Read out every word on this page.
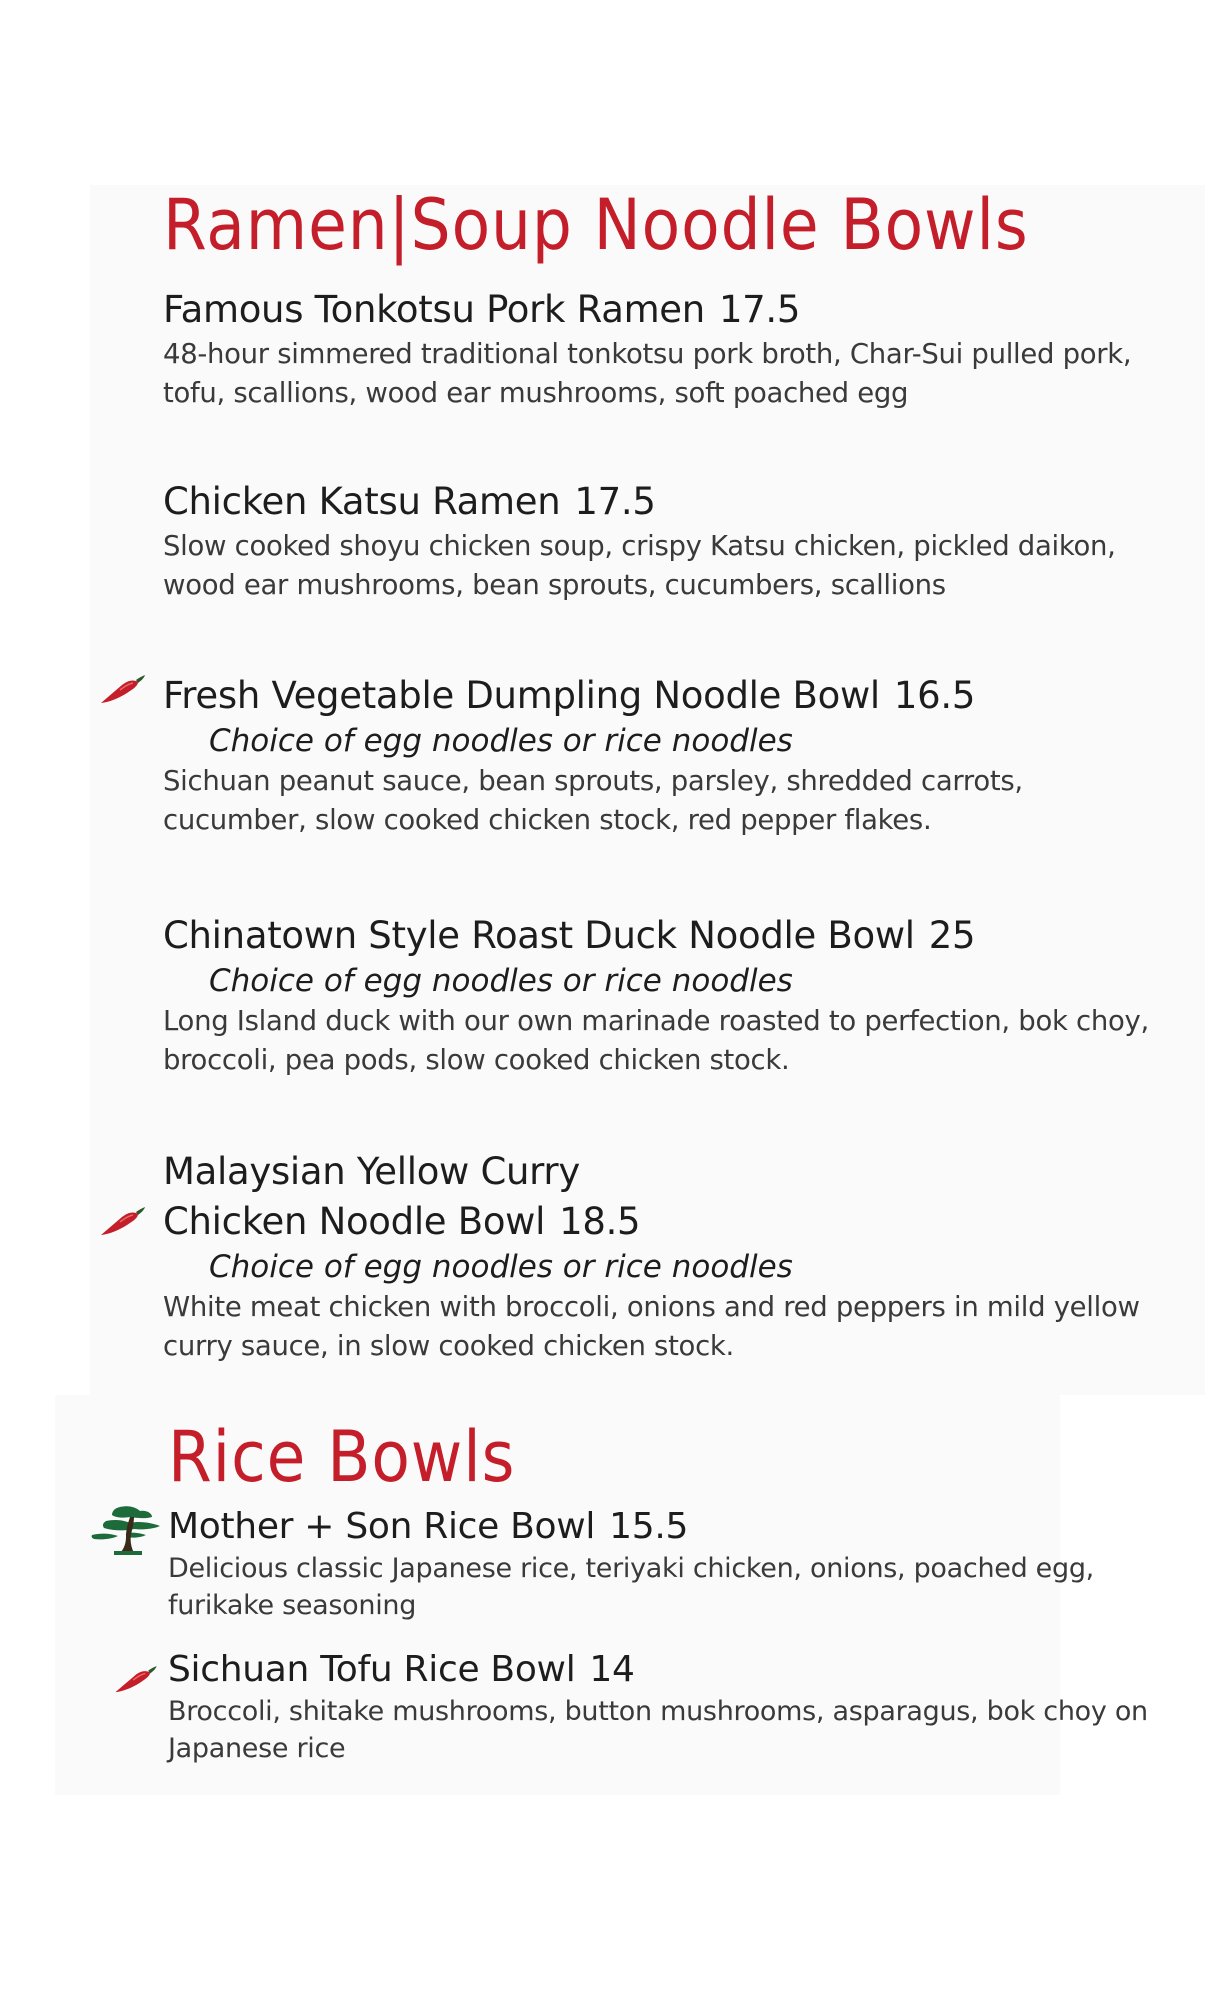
Ramen|Soup Noodle Bowls
Famous Tonkotsu Pork Ramen 17.5
48-hour simmered traditional tonkotsu pork broth, Char-Sui pulled pork, tofu, scallions, wood ear mushrooms, soft poached egg
Chicken Katsu Ramen 17.5
Slow cooked shoyu chicken soup, crispy Katsu chicken, pickled daikon, wood ear mushrooms, bean sprouts, cucumbers, scallions
Fresh Vegetable Dumpling Noodle Bowl 16.5
Choice of egg noodles or rice noodles
Sichuan peanut sauce, bean sprouts, parsley, shredded carrots, cucumber, slow cooked chicken stock, red pepper flakes.
Chinatown Style Roast Duck Noodle Bowl 25
Choice of egg noodles or rice noodles
Long Island duck with our own marinade roasted to perfection, bok choy, broccoli, pea pods, slow cooked chicken stock.
Malaysian Yellow Curry
Chicken Noodle Bowl 18.5
Choice of egg noodles or rice noodles
White meat chicken with broccoli, onions and red peppers in mild yellow curry sauce, in slow cooked chicken stock.
Rice Bowls
Mother + Son Rice Bowl 15.5
Delicious classic Japanese rice, teriyaki chicken, onions, poached egg, furikake seasoning
Sichuan Tofu Rice Bowl 14
Broccoli, shitake mushrooms, button mushrooms, asparagus, bok choy on Japanese rice
